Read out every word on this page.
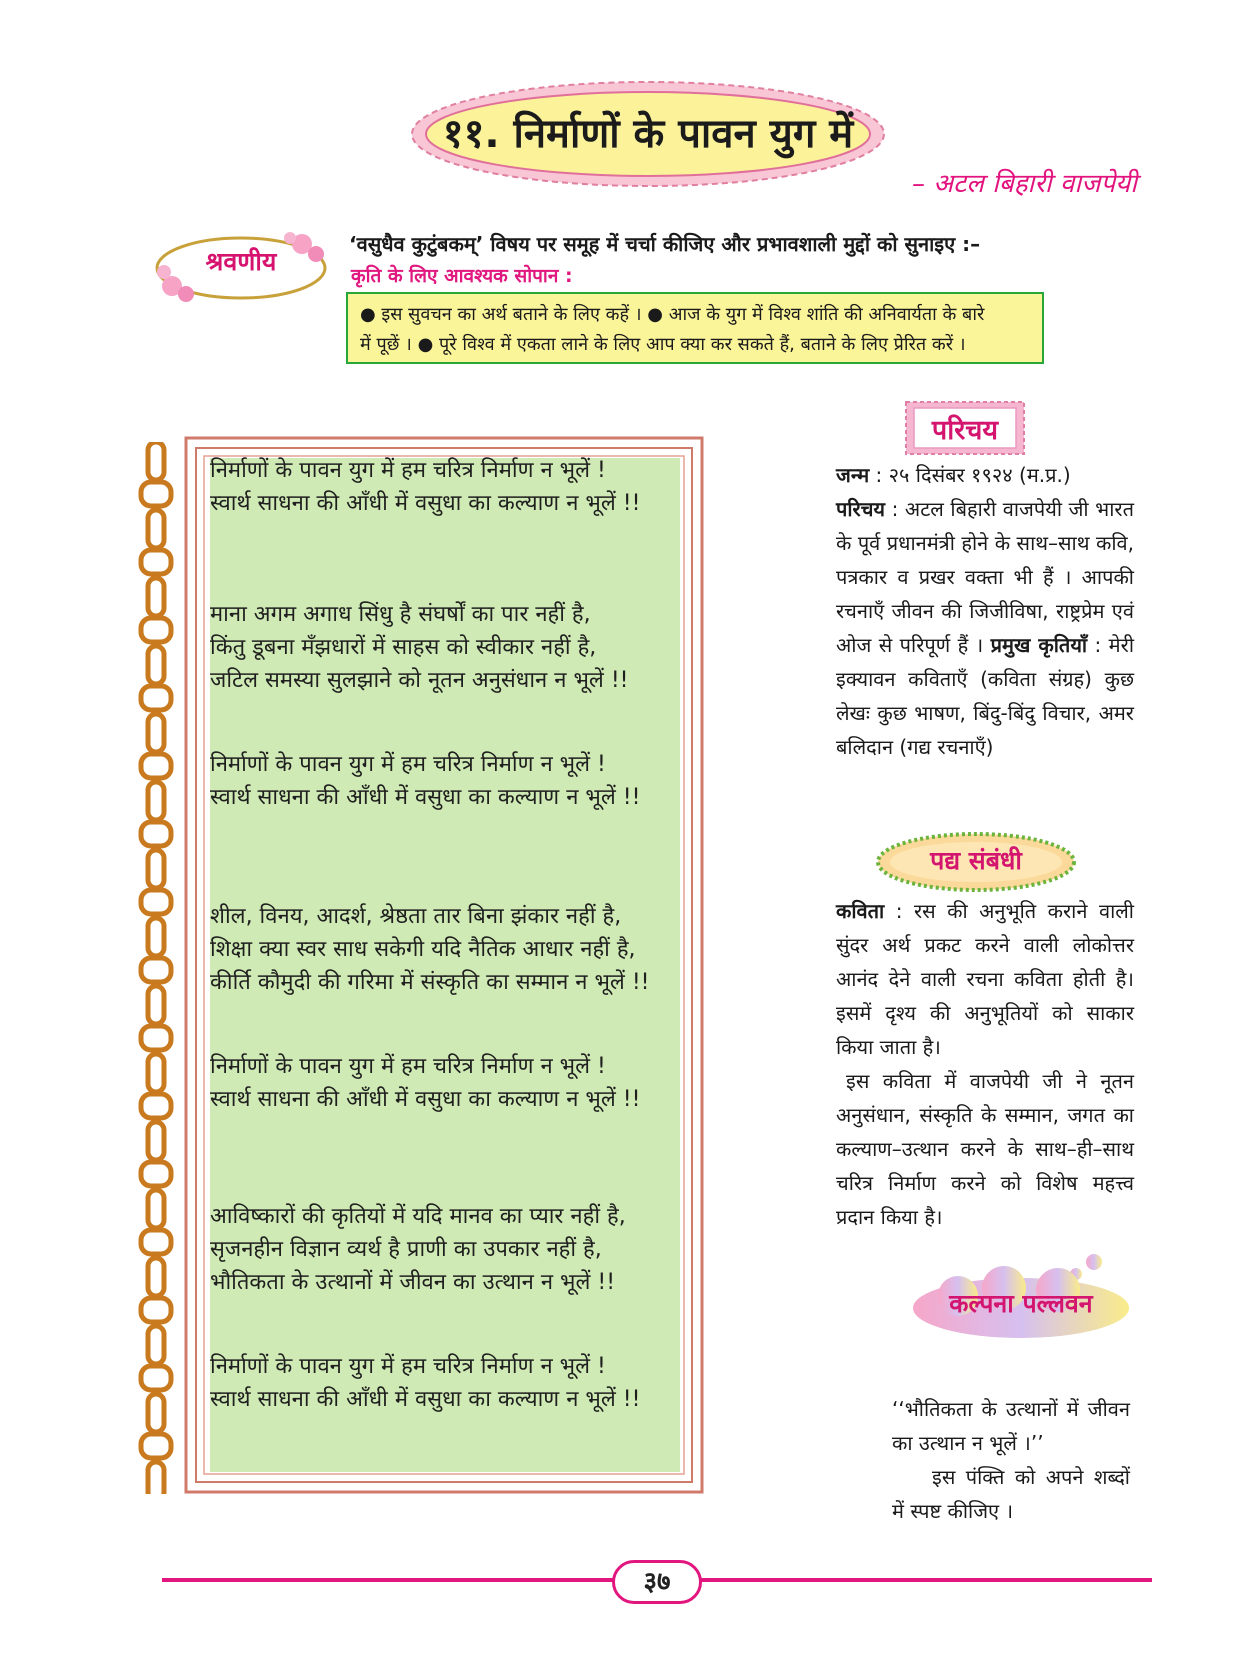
११. निर्माणों के पावन युग में
– अटल बिहारी वाजपेयी
श्रवणीय
‘वसुधैव कुटुंबकम्’ विषय पर समूह में चर्चा कीजिए और प्रभावशाली मुद्दों को सुनाइए :–
कृति के लिए आवश्यक सोपान :
● इस सुवचन का अर्थ बताने के लिए कहें । ● आज के युग में विश्व शांति की अनिवार्यता के बारे
में पूछें । ● पूरे विश्व में एकता लाने के लिए आप क्या कर सकते हैं, बताने के लिए प्रेरित करें ।
निर्माणों के पावन युग में हम चरित्र निर्माण न भूलें !
स्वार्थ साधना की आँधी में वसुधा का कल्याण न भूलें !!
माना अगम अगाध सिंधु है संघर्षों का पार नहीं है,
किंतु डूबना मँझधारों में साहस को स्वीकार नहीं है,
जटिल समस्या सुलझाने को नूतन अनुसंधान न भूलें !!
निर्माणों के पावन युग में हम चरित्र निर्माण न भूलें !
स्वार्थ साधना की आँधी में वसुधा का कल्याण न भूलें !!
शील, विनय, आदर्श, श्रेष्ठता तार बिना झंकार नहीं है,
शिक्षा क्या स्वर साध सकेगी यदि नैतिक आधार नहीं है,
कीर्ति कौमुदी की गरिमा में संस्कृति का सम्मान न भूलें !!
निर्माणों के पावन युग में हम चरित्र निर्माण न भूलें !
स्वार्थ साधना की आँधी में वसुधा का कल्याण न भूलें !!
आविष्कारों की कृतियों में यदि मानव का प्यार नहीं है,
सृजनहीन विज्ञान व्यर्थ है प्राणी का उपकार नहीं है,
भौतिकता के उत्थानों में जीवन का उत्थान न भूलें !!
निर्माणों के पावन युग में हम चरित्र निर्माण न भूलें !
स्वार्थ साधना की आँधी में वसुधा का कल्याण न भूलें !!
परिचय
जन्म : २५ दिसंबर १९२४ (म.प्र.)
परिचय : अटल बिहारी वाजपेयी जी भारत के पूर्व प्रधानमंत्री होने के साथ–साथ कवि, पत्रकार व प्रखर वक्ता भी हैं । आपकी रचनाएँ जीवन की जिजीविषा, राष्ट्रप्रेम एवं ओज से परिपूर्ण हैं । प्रमुख कृतियाँ : मेरी इक्यावन कविताएँ (कविता संग्रह) कुछ लेखः कुछ भाषण, बिंदु-बिंदु विचार, अमर बलिदान (गद्य रचनाएँ)
पद्य संबंधी
कविता : रस की अनुभूति कराने वाली सुंदर अर्थ प्रकट करने वाली लोकोत्तर आनंद देने वाली रचना कविता होती है। इसमें दृश्य की अनुभूतियों को साकार किया जाता है।
इस कविता में वाजपेयी जी ने नूतन अनुसंधान, संस्कृति के सम्मान, जगत का कल्याण–उत्थान करने के साथ–ही–साथ चरित्र निर्माण करने को विशेष महत्त्व प्रदान किया है।
कल्पना पल्लवन
‘‘भौतिकता के उत्थानों में जीवन का उत्थान न भूलें ।’’
इस पंक्ति को अपने शब्दों में स्पष्ट कीजिए ।
३७
